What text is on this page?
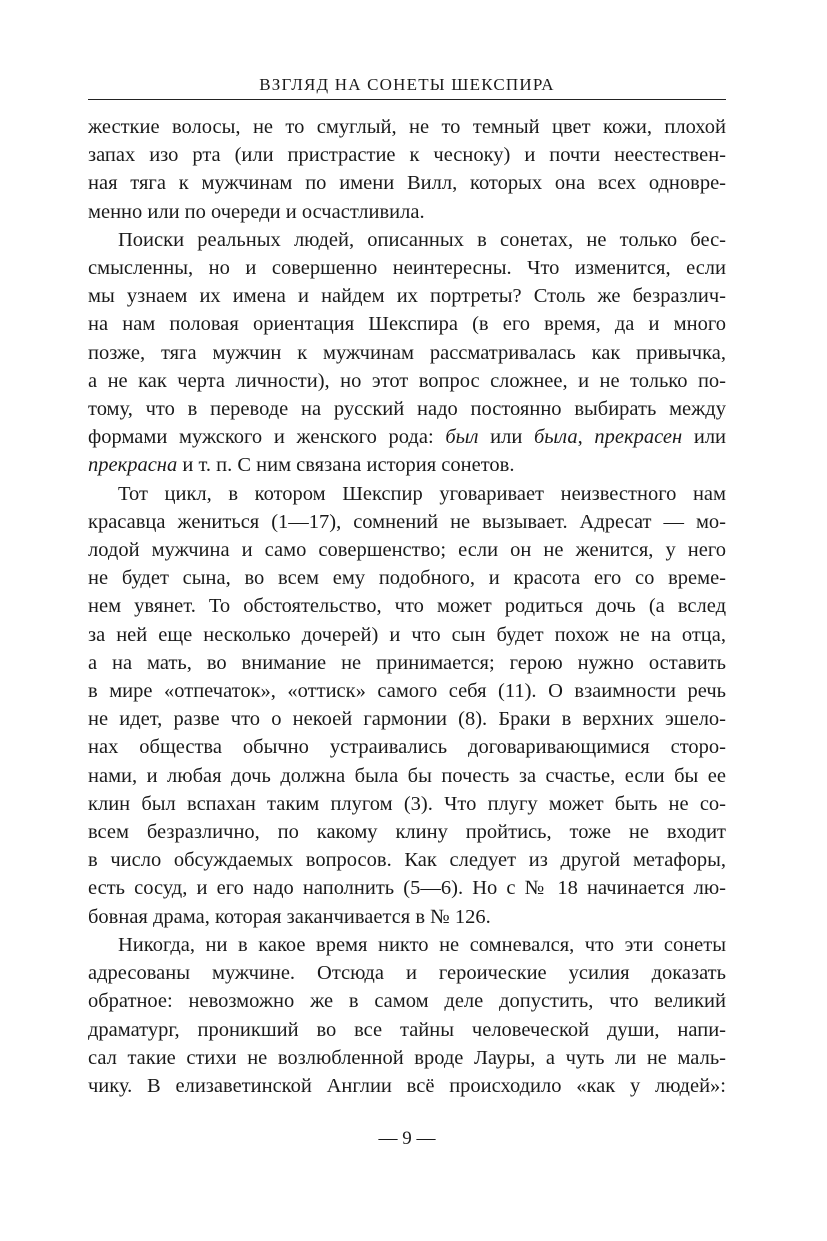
ВЗГЛЯД НА СОНЕТЫ ШЕКСПИРА

жесткие волосы, не то смуглый, не то темный цвет кожи, плохой
запах изо рта (или пристрастие к чесноку) и почти неестествен-
ная тяга к мужчинам по имени Вилл, которых она всех одновре-
менно или по очереди и осчастливила.

Поиски реальных людей, описанных в сонетах, не только бес-
смысленны, но и совершенно неинтересны. Что изменится, если
мы узнаем их имена и найдем их портреты? Столь же безразлич-
на нам половая ориентация Шекспира (в его время, да и много
позже, тяга мужчин к мужчинам рассматривалась как привычка,
а не как черта личности), но этот вопрос сложнее, и не только по-
тому, что в переводе на русский надо постоянно выбирать между
формами мужского и женского рода: был или была, прекрасен или
прекрасна и т. п. С ним связана история сонетов.

Тот цикл, в котором Шекспир уговаривает неизвестного нам
красавца жениться (1—17), сомнений не вызывает. Адресат — мо-
лодой мужчина и само совершенство; если он не женится, у него
не будет сына, во всем ему подобного, и красота его со време-
нем увянет. То обстоятельство, что может родиться дочь (а вслед
за ней еще несколько дочерей) и что сын будет похож не на отца,
а на мать, во внимание не принимается; герою нужно оставить
в мире «отпечаток», «оттиск» самого себя (11). О взаимности речь
не идет, разве что о некоей гармонии (8). Браки в верхних эшело-
нах общества обычно устраивались договаривающимися сторо-
нами, и любая дочь должна была бы почесть за счастье, если бы ее
клин был вспахан таким плугом (3). Что плугу может быть не со-
всем безразлично, по какому клину пройтись, тоже не входит
в число обсуждаемых вопросов. Как следует из другой метафоры,
есть сосуд, и его надо наполнить (5—6). Но с № 18 начинается лю-
бовная драма, которая заканчивается в № 126.

Никогда, ни в какое время никто не сомневался, что эти сонеты
адресованы мужчине. Отсюда и героические усилия доказать
обратное: невозможно же в самом деле допустить, что великий
драматург, проникший во все тайны человеческой души, напи-
сал такие стихи не возлюбленной вроде Лауры, а чуть ли не маль-
чику. В елизаветинской Англии всё происходило «как у людей»:

— 9 —
